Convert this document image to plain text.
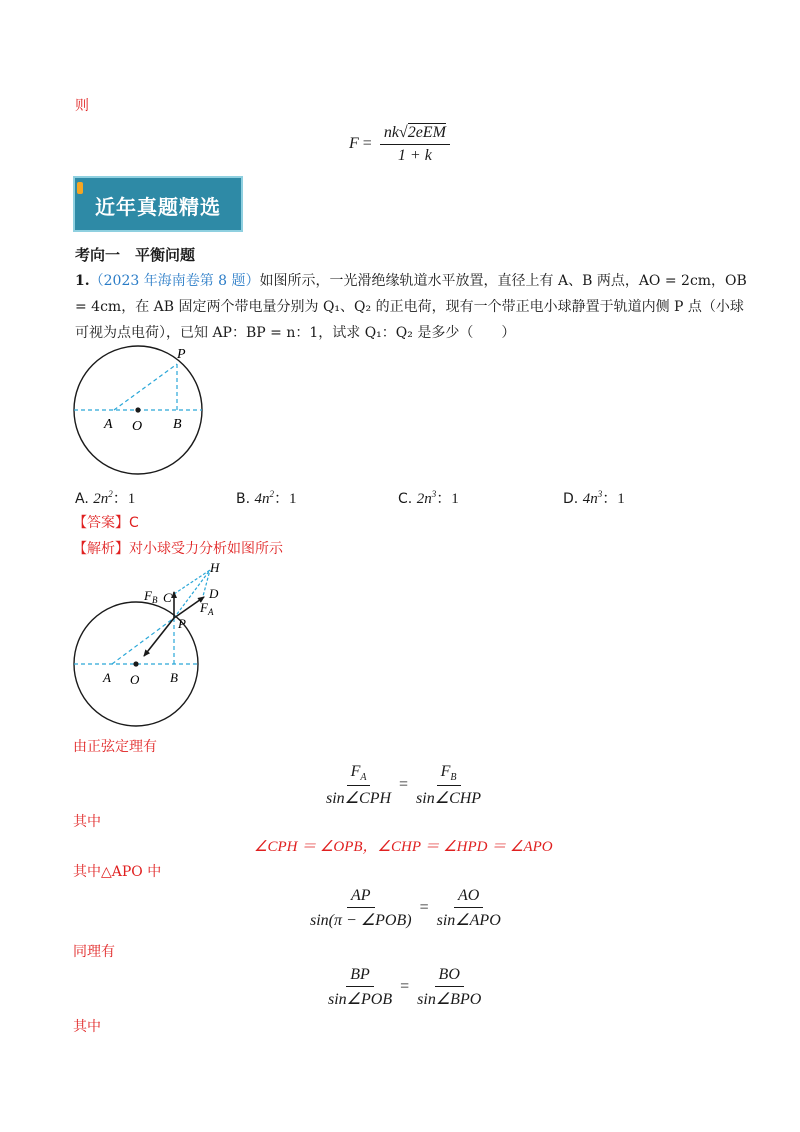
则
$F = \frac{\text{nk√2eEM}}{1 + k}$
近年真题精选
考向一　平衡问题
1.（2023 年海南卷第 8 题）如图所示，一光滑绝缘轨道水平放置，直径上有 A、B 两点，AO = 2cm，OB
= 4cm，在 AB 固定两个带电量分别为 Q₁、Q₂ 的正电荷，现有一个带正电小球静置于轨道内侧 P 点（小球
可视为点电荷），已知 AP：BP = n：1，试求 Q₁：Q₂ 是多少（　　）
P
A O B
A. $2n^2$：1	B. $4n^2$：1	C. $2n^3$：1	D. $4n^3$：1
【答案】C
【解析】对小球受力分析如图所示
H
$F_B$ C	D
$F_A$
P
A O B
由正弦定理有
$\frac{F_A}{\text{sin∠CPH}} = \frac{F_B}{\text{sin∠CHP}}$
其中
∠CPH ＝ ∠OPB，∠CHP ＝ ∠HPD ＝ ∠APO
其中△APO 中
$\frac{AP}{\text{sin(π − ∠POB)}} = \frac{AO}{\text{sin∠APO}}$
同理有
$\frac{BP}{\text{sin∠POB}} = \frac{BO}{\text{sin∠BPO}}$
其中
